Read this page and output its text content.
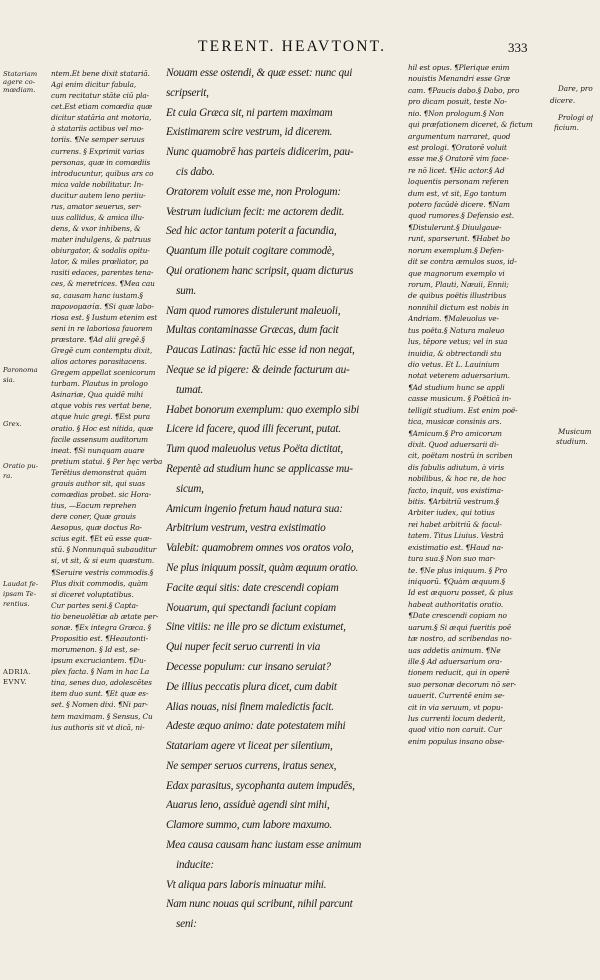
TERENT. HEAVTONT.	333
Statariam
agere co-
mœdiam.
Paronoma
sia.
Grex.
Oratio pu-
ra.
Laudat fe-
ipsam Te-
rentius.
ADRIA.
EVNV.
ntem.Et bene dixit statariā.
Agi enim dicitur fabula,
cum recitatur stāte ciū pla-
cet.Est etiam comœdia quæ
dicitur statāria ant motoria,
à statariis actibus vel mo-
toriis. ¶Ne semper seruus
currens. § Exprimit varias
personas, quæ in comœdiis
introducuntur, quibus ars co
mica valde nobilitatur. In-
ducitur autem leno periiu-
rus, amator seuerus, ser-
uus callidus, & amica illu-
dens, & vxor inhibens, &
mater indulgens, & patruus
obiurgator, & sodalis opitu-
lator, & miles prœliator, pa
rasiti edaces, parentes tena-
ces, & meretrices. ¶Mea cau
sa, causam hanc iustam.§
παρονομασία. ¶Si quæ labo-
riosa est. § Iustum etenim est
seni in re laboriosa fauorem
præstare. ¶Ad alii gregē.§
Gregē cum contemptu dixit,
alios actores parasitacens.
Gregem appellat scenicorum
turbam. Plautus in prologo
Asinariæ, Qua quidē mihi
atque vobis res vertat bene,
atque huic gregi. ¶Est pura
oratio. § Hoc est nitida, quæ
facile assensum auditorum
ineat. ¶Si nunquam auare
pretium statui. § Per hęc verba
Terētius demonstrat quām
grauis author sit, qui suas
comœdias probet. sic Hora-
tius, —Eacum reprehen
dere coner, Quæ grauis
Aesopus, quæ doctus Ro-
scius egit. ¶Et eū esse quæ-
stū. § Nonnunquā subauditur
si, vt sit, & si eum quæstum.
¶Seruire vestris commodis.§
Plus dixit commodis, quàm
si diceret voluptatibus.
Cur partes seni.§ Capta-
tio beneuolētiæ ab ætate per-
sonæ. ¶Ex integra Græca. §
Propositio est. ¶Heautonti-
morumenon. § Id est, se-
ipsum excruciantem. ¶Du-
plex facta. § Nam in hac La
tina, senes duo, adolescētes
item duo sunt. ¶Et quæ es-
set. § Nomen dixi. ¶Ni par-
tem maximam. § Sensus, Cu
ius authoris sit vt dicā, ni-
Nouam esse ostendi, & quæ esset: nunc qui
scripserit,
Et cuia Græca sit, ni partem maximam
Existimarem scire vestrum, id dicerem.
Nunc quamobrē has parteis didicerim, pau-
cis dabo.
Oratorem voluit esse me, non Prologum:
Vestrum iudicium fecit: me actorem dedit.
Sed hic actor tantum poterit a facundia,
Quantum ille potuit cogitare commodè,
Qui orationem hanc scripsit, quam dicturus
sum.
Nam quod rumores distulerunt maleuoli,
Multas contaminasse Græcas, dum facit
Paucas Latinas: factū hic esse id non negat,
Neque se id pigere: & deinde facturum au-
tumat.
Habet bonorum exemplum: quo exemplo sibi
Licere id facere, quod illi fecerunt, putat.
Tum quod maleuolus vetus Poëta dictitat,
Repentè ad studium hunc se applicasse mu-
sicum,
Amicum ingenio fretum haud natura sua:
Arbitrium vestrum, vestra existimatio
Valebit: quamobrem omnes vos oratos volo,
Ne plus iniquum possit, quàm æquum oratio.
Facite æqui sitis: date crescendi copiam
Nouarum, qui spectandi faciunt copiam
Sine vitiis: ne ille pro se dictum existumet,
Qui nuper fecit seruo currenti in via
Decesse populum: cur insano seruiat?
De illius peccatis plura dicet, cum dabit
Alias nouas, nisi finem maledictis facit.
Adeste æquo animo: date potestatem mihi
Statariam agere vt liceat per silentium,
Ne semper seruos currens, iratus senex,
Edax parasitus, sycophanta autem impudēs,
Auarus leno, assiduè agendi sint mihi,
Clamore summo, cum labore maxumo.
Mea causa causam hanc iustam esse animum
inducite:
Vt aliqua pars laboris minuatur mihi.
Nam nunc nouas qui scribunt, nihil parcunt
seni:
hil est opus. ¶Plerique enim
nouistis Menandri esse Græ
cam. ¶Paucis dabo.§ Dabo, pro
pro dicam posuit, teste No-
nio. ¶Non prologum.§ Non
qui præfationem diceret, & fictum
argumentum narraret, quod
est prologi. ¶Oratorē voluit
esse me.§ Oratorē vim face-
re nō licet. ¶Hic actor.§ Ad
loquentis personam referen
dum est, vt sit, Ego tantum
potero facūdè dicere. ¶Nam
quod rumores.§ Defensio est.
¶Distulerunt.§ Diuulgaue-
runt, sparserunt. ¶Habet bo
norum exemplum.§ Defen-
dit se contra æmulos suos, id-
que magnorum exemplo vi
rorum, Plauti, Næuii, Ennii;
de quibus poëtis illustribus
nonnihil dictum est nobis in
Andriam. ¶Maleuolus ve-
tus poëta.§ Natura maleuo
lus, tēpore vetus; vel in sua
inuidia, & obtrectandi stu
dio vetus. Et L. Lauinium
notat veterem aduersarium.
¶Ad studium hunc se appli
casse musicum. § Poëticā in-
telligit studium. Est enim poë-
tica, musicæ consinis ars.
¶Amicum.§ Pro amicorum
dixit. Quod aduersarii di-
cit, poëtam nostrū in scriben
dis fabulis adiutum, à viris
nobilibus, & hoc re, de hoc
facto, inquit, vos existima-
bitis. ¶Arbitriū vestrum.§
Arbiter iudex, qui totius
rei habet arbitriū & facul-
tatem. Titus Liuius. Vestrā
existimatio est. ¶Haud na-
tura sua.§ Non suo mar-
te. ¶Ne plus iniquum. § Pro
iniquorū. ¶Quàm æquum.§
Id est æquoru posset, & plus
habeat authoritatis oratio.
¶Date crescendi copiam no
uarum.§ Si æqui fueritis poē
tæ nostro, ad scribendas no-
uas addetis animum. ¶Ne
ille.§ Ad aduersarium ora-
tionem reducit, qui in operē
suo personæ decorum nō ser-
uauerit. Currentē enim se-
cit in via seruum, vt popu-
lus currenti locum dederit,
quod vitio non caruit. Cur
enim populus insano obse-
Dare, pro
dicere.
Prologi of
ficium.
Musicum
studium.
